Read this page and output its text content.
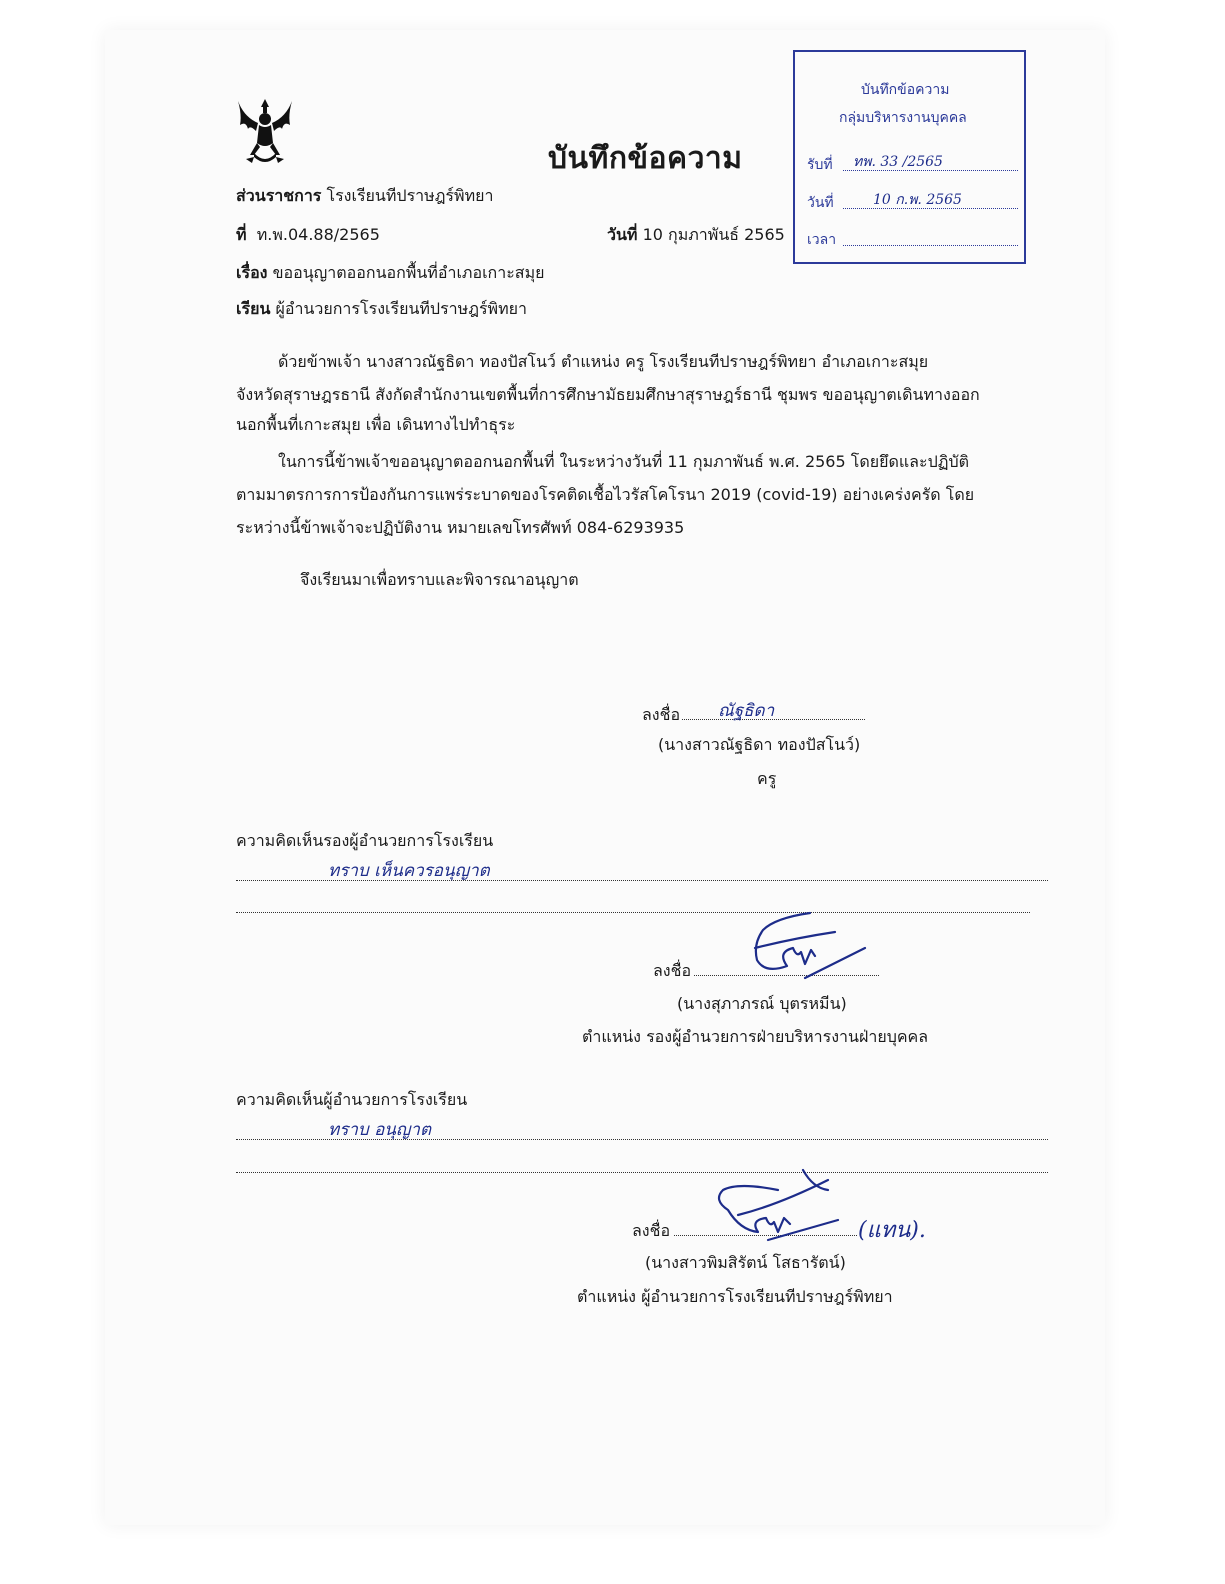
บันทึกข้อความ
บันทึกข้อความ
กลุ่มบริหารงานบุคคล
รับที่ ทพ. 33 /2565
วันที่	10 ก.พ. 2565
เวลา
ส่วนราชการ โรงเรียนทีปราษฎร์พิทยา
ที่ ท.พ.04.88/2565	วันที่ 10 กุมภาพันธ์ 2565
เรื่อง ขออนุญาตออกนอกพื้นที่อำเภอเกาะสมุย
เรียน ผู้อำนวยการโรงเรียนทีปราษฎร์พิทยา
ด้วยข้าพเจ้า นางสาวณัฐธิดา ทองปัสโนว์ ตำแหน่ง ครู โรงเรียนทีปราษฎร์พิทยา อำเภอเกาะสมุย
จังหวัดสุราษฎรธานี สังกัดสำนักงานเขตพื้นที่การศึกษามัธยมศึกษาสุราษฎร์ธานี ชุมพร ขออนุญาตเดินทางออก
นอกพื้นที่เกาะสมุย เพื่อ เดินทางไปทำธุระ
ในการนี้ข้าพเจ้าขออนุญาตออกนอกพื้นที่ ในระหว่างวันที่ 11 กุมภาพันธ์ พ.ศ. 2565 โดยยึดและปฏิบัติ
ตามมาตรการการป้องกันการแพร่ระบาดของโรคติดเชื้อไวรัสโคโรนา 2019 (covid-19) อย่างเคร่งครัด โดย
ระหว่างนี้ข้าพเจ้าจะปฏิบัติงาน หมายเลขโทรศัพท์ 084-6293935
จึงเรียนมาเพื่อทราบและพิจารณาอนุญาต
ลงชื่อ ณัฐธิดา
(นางสาวณัฐธิดา ทองปัสโนว์)
ครู
ความคิดเห็นรองผู้อำนวยการโรงเรียน
ทราบ เห็นควรอนุญาต
ลงชื่อ
(นางสุภาภรณ์ บุตรหมีน)
ตำแหน่ง รองผู้อำนวยการฝ่ายบริหารงานฝ่ายบุคคล
ความคิดเห็นผู้อำนวยการโรงเรียน
ทราบ อนุญาต
ลงชื่อ	(แทน).
(นางสาวพิมสิรัตน์ โสธารัตน์)
ตำแหน่ง ผู้อำนวยการโรงเรียนทีปราษฎร์พิทยา
